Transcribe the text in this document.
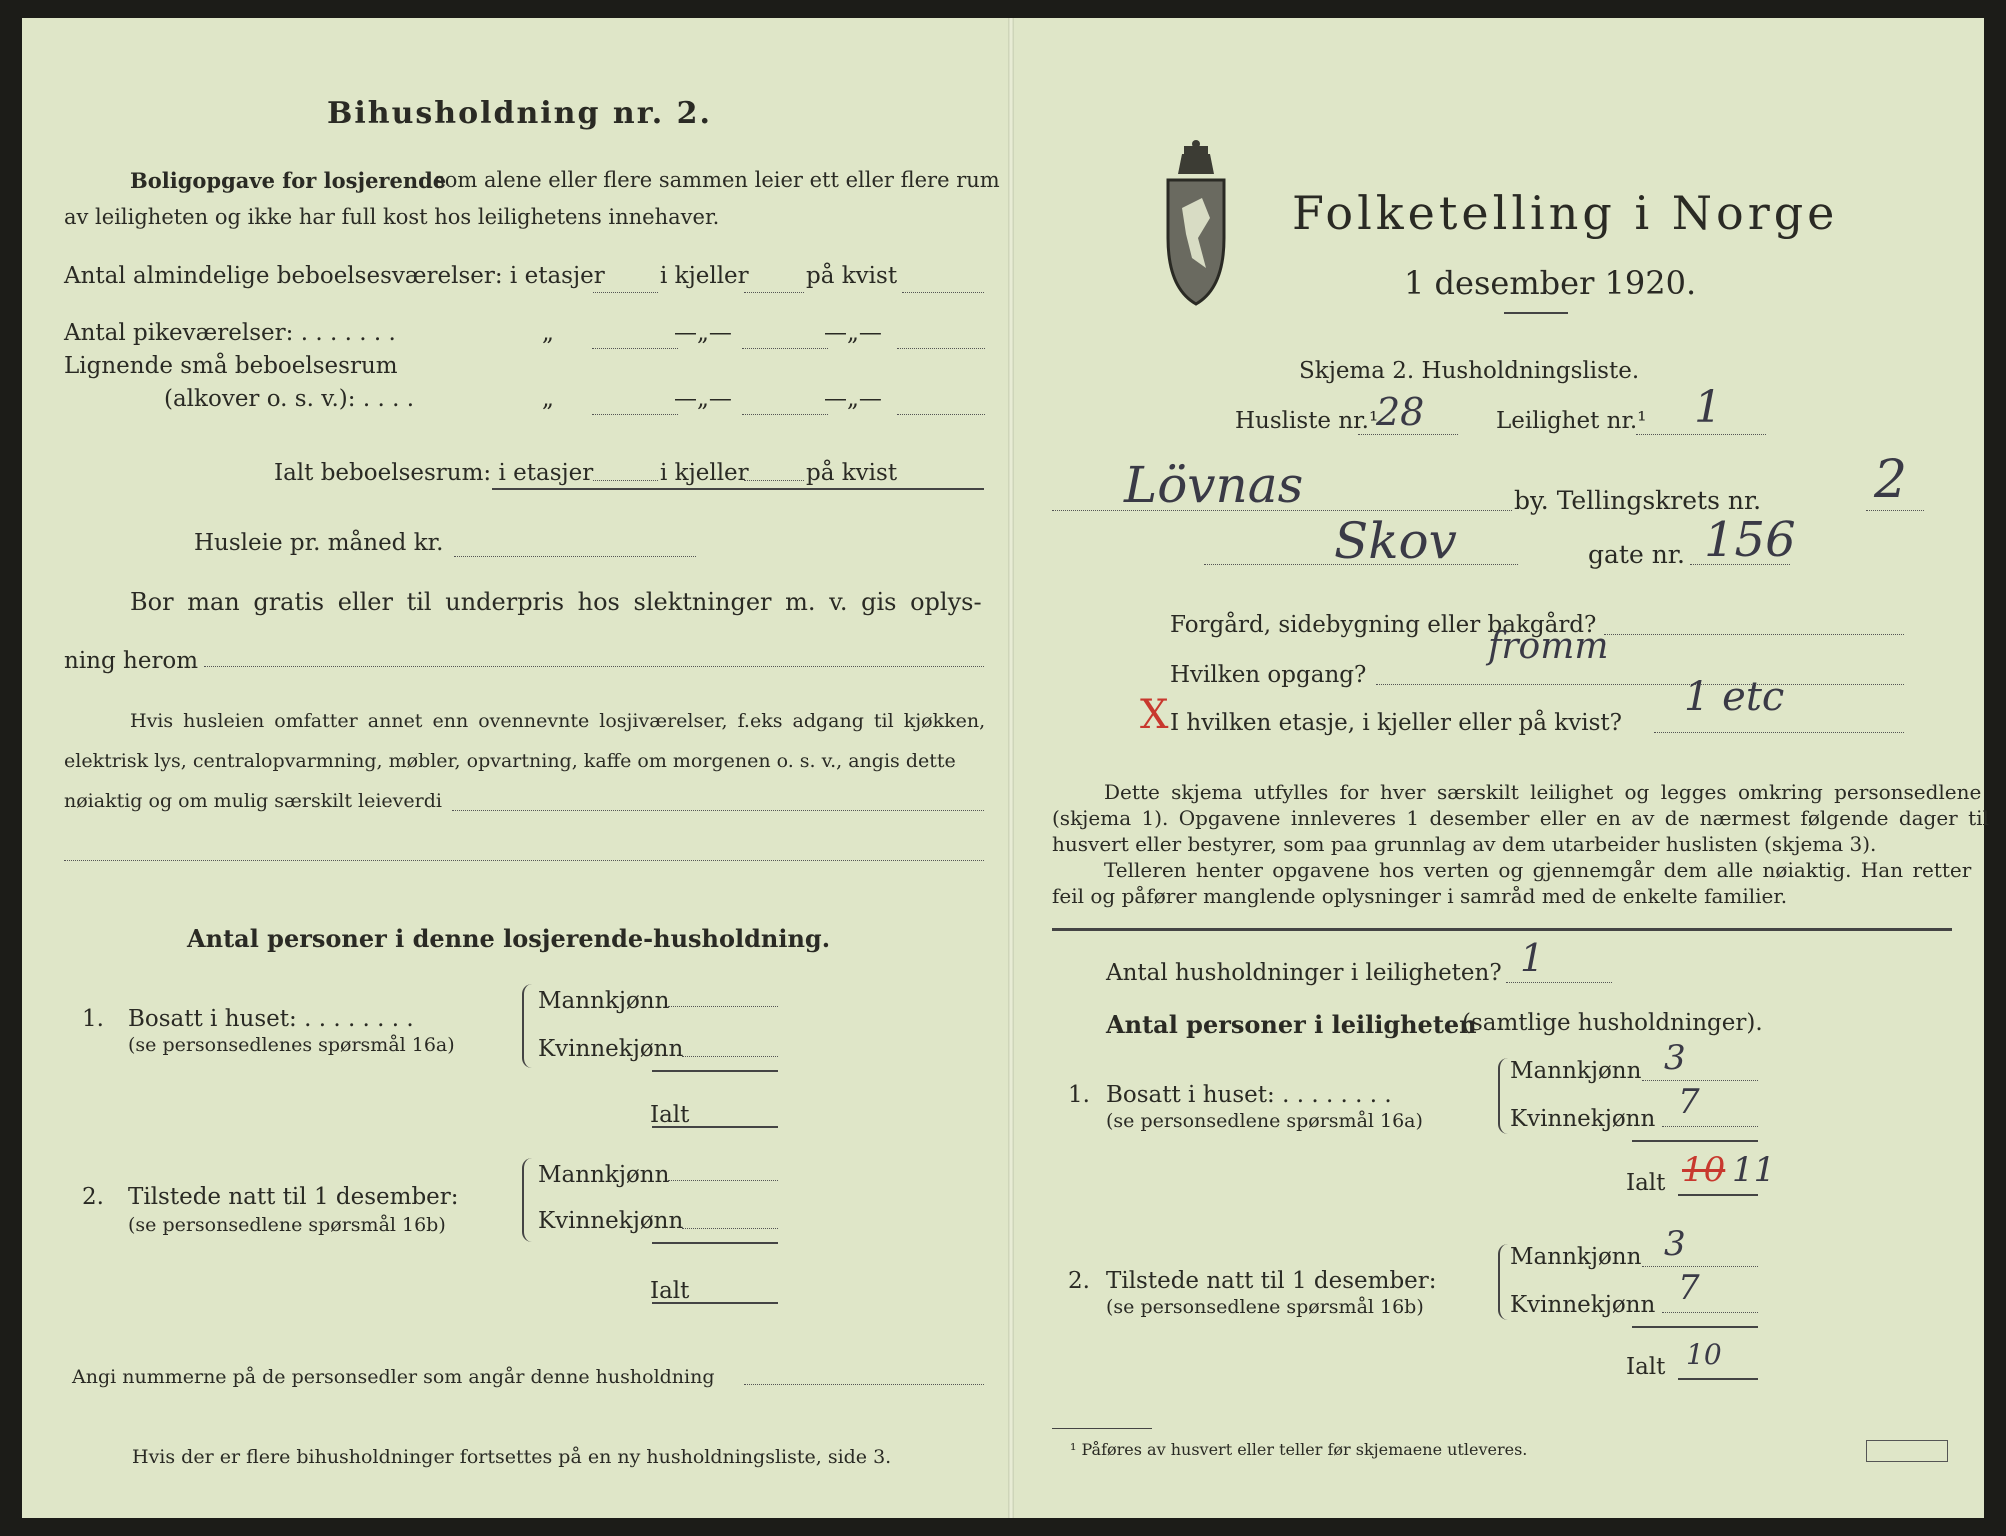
Bihusholdning nr. 2.
Boligopgave for losjerende
som alene eller flere sammen leier ett eller flere rum
av leiligheten og ikke har full kost hos leilighetens innehaver.
Antal almindelige beboelsesværelser: i etasjer i kjeller på kvist
Antal pikeværelser: . . . . . . .	„	—„—	—„—
Lignende små beboelsesrum
(alkover o. s. v.): . . . .	„	—„—	—„—
Ialt beboelsesrum: i etasjer	i kjeller på kvist
Husleie pr. måned kr.
Bor man gratis eller til underpris hos slektninger m. v. gis oplys-
ning herom
Hvis husleien omfatter annet enn ovennevnte losjiværelser, f.eks adgang til kjøkken,
elektrisk lys, centralopvarmning, møbler, opvartning, kaffe om morgenen o. s. v., angis dette
nøiaktig og om mulig særskilt leieverdi
Antal personer i denne losjerende-husholdning.
1. Bosatt i huset: . . . . . . . .
(se personsedlenes spørsmål 16a)
Mannkjønn
Kvinnekjønn
Ialt
2. Tilstede natt til 1 desember:
(se personsedlene spørsmål 16b)
Mannkjønn
Kvinnekjønn
Ialt
Angi nummerne på de personsedler som angår denne husholdning
Hvis der er flere bihusholdninger fortsettes på en ny husholdningsliste, side 3.
Folketelling i Norge
1 desember 1920.
Skjema 2. Husholdningsliste.
Husliste nr.¹
28	Leilighet nr.¹ 1
Lövnas	by. Tellingskrets nr. 2
Skov	gate nr. 156
Forgård, sidebygning eller bakgård?
Hvilken opgang?
fromm
X I hvilken etasje, i kjeller eller på kvist?
1 etc
Dette skjema utfylles for hver særskilt leilighet og legges omkring personsedlene
(skjema 1). Opgavene innleveres 1 desember eller en av de nærmest følgende dager til
husvert eller bestyrer, som paa grunnlag av dem utarbeider huslisten (skjema 3).
Telleren henter opgavene hos verten og gjennemgår dem alle nøiaktig. Han retter
feil og påfører manglende oplysninger i samråd med de enkelte familier.
Antal husholdninger i leiligheten? 1
Antal personer i leiligheten
(samtlige husholdninger).
1. Bosatt i huset: . . . . . . . .
(se personsedlene spørsmål 16a)
Mannkjønn 3
Kvinnekjønn 7
Ialt 10 11
2. Tilstede natt til 1 desember:
(se personsedlene spørsmål 16b)
Mannkjønn 3
Kvinnekjønn 7
Ialt 10
¹ Påføres av husvert eller teller før skjemaene utleveres.
